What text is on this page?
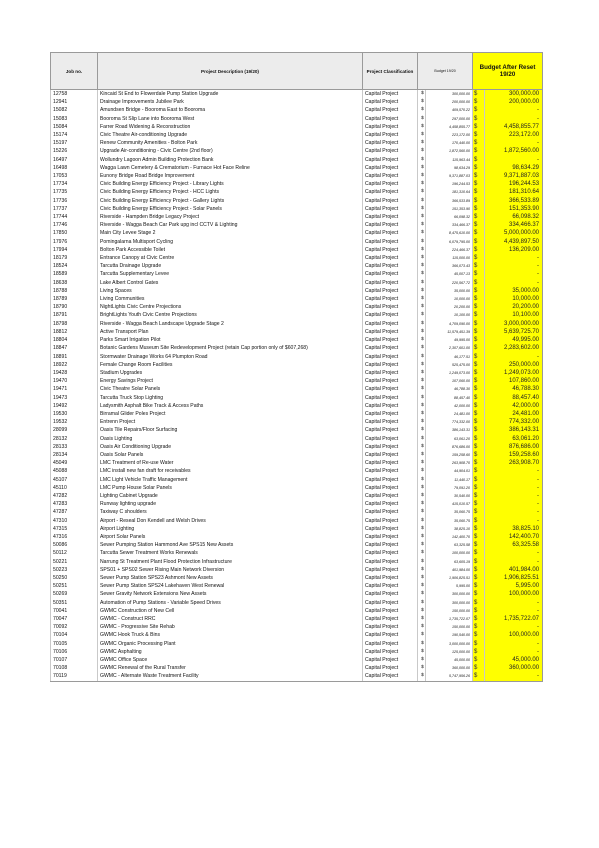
Job no.	Project Description (19/20)	Project Classification	Budget 19/20		Budget After Reset 19/20	
12758	Kincaid St End to Flowerdale Pump Station Upgrade	Capital Project	$	300,000.00	$	300,000.00
12941	Drainage Improvements Jubilee Park	Capital Project	$	200,000.00	$	200,000.00
15082	Amundsen Bridge - Booroma East to Booroma	Capital Project	$	409,570.22	$	-
15083	Booroma St Slip Lane into Booroma West	Capital Project	$	297,000.00	$	-
15084	Farrer Road Widening & Reconstruction	Capital Project	$	4,458,855.77	$	4,458,855.77
15174	Civic Theatre Air-conditioning Upgrade	Capital Project	$	223,172.00	$	223,172.00
15197	Renew Community Amenities - Bolton Park	Capital Project	$	170,440.00	$	-
15226	Upgrade Air-conditioning - Civic Centre (2nd floor)	Capital Project	$	1,872,560.00	$	1,872,560.00
16497	Wollundry Lagoon Admin Building Protection Bank	Capital Project	$	115,963.44	$	-
16498	Wagga Lawn Cemetery & Crematorium - Furnace Hot Face Reline	Capital Project	$	98,634.29	$	98,634.29
17053	Eunony Bridge Road Bridge Improvement	Capital Project	$	9,371,887.03	$	9,371,887.03
17734	Civic Building Energy Efficiency Project - Library Lights	Capital Project	$	196,244.53	$	196,244.53
17735	Civic Building Energy Efficiency Project - HCC Lights	Capital Project	$	181,310.64	$	181,310.64
17736	Civic Building Energy Efficiency Project - Gallery Lights	Capital Project	$	366,533.89	$	366,533.89
17737	Civic Building Energy Efficiency Project - Solar Panels	Capital Project	$	151,353.90	$	151,353.90
17744	Riverside - Hampden Bridge Legacy Project	Capital Project	$	66,098.32	$	66,098.32
17746	Riverside - Wagga Beach Car Park upg incl CCTV & Lighting	Capital Project	$	334,466.37	$	334,466.37
17850	Main City Levee Stage 2	Capital Project	$	8,475,610.00	$	5,000,000.00
17976	Pomingalarna Multisport Cycling	Capital Project	$	6,079,795.00	$	4,439,897.50
17994	Bolton Park Accessible Toilet	Capital Project	$	224,466.37	$	136,209.00
18179	Entrance Canopy at Civic Centre	Capital Project	$	115,000.00	$	-
18524	Tarcutta Drainage Upgrade	Capital Project	$	366,073.43	$	-
18589	Tarcutta Supplementary Levee	Capital Project	$	45,007.13	$	-
18638	Lake Albert Control Gates	Capital Project	$	220,567.72	$	-
18788	Living Spaces	Capital Project	$	35,000.00	$	35,000.00
18789	Living Communities	Capital Project	$	10,000.00	$	10,000.00
18790	NightLights Civic Centre Projections	Capital Project	$	20,200.00	$	20,200.00
18791	BrightLights Youth Civic Centre Projections	Capital Project	$	10,100.00	$	10,100.00
18798	Riverside - Wagga Beach Landscape Upgrade Stage 2	Capital Project	$	4,709,090.00	$	3,000,000.00
18812	Active Transport Plan	Capital Project	$	11,579,451.39	$	5,639,725.70
18804	Parks Smart Irrigation Pilot	Capital Project	$	49,995.00	$	49,995.00
18847	Botanic Gardens Museum Site Redevelopment Project (retain Cap portion only of $607,268)	Capital Project	$	2,307,601.00	$	2,283,602.00
18891	Stormwater Drainage Works 64 Plumpton Road	Capital Project	$	46,177.51	$	-
18922	Female Change Room Facilities	Capital Project	$	525,475.00	$	250,000.00
19428	Stadium Upgrades	Capital Project	$	1,249,073.00	$	1,249,073.00
19470	Energy Savings Project	Capital Project	$	107,060.00	$	107,860.00
19471	Civic Theatre Solar Panels	Capital Project	$	46,788.30	$	46,788.30
19473	Tarcutta Truck Stop Lighting	Capital Project	$	88,457.40	$	88,457.40
19492	Ladysmith Asphalt Bike Track & Access Paths	Capital Project	$	42,000.00	$	42,000.00
19530	Birramal Glider Poles Project	Capital Project	$	24,481.00	$	24,481.00
19532	Entrenn Project	Capital Project	$	774,332.00	$	774,332.00
28099	Oasis Tile Repairs/Floor Surfacing	Capital Project	$	386,143.31	$	386,143.31
28132	Oasis Lighting	Capital Project	$	63,061.20	$	63,061.20
28133	Oasis Air Conditioning Upgrade	Capital Project	$	876,686.00	$	876,686.00
28134	Oasis Solar Panels	Capital Project	$	159,258.60	$	159,258.60
45049	LMC Treatment of Re-use Water	Capital Project	$	263,908.70	$	263,908.70
45088	LMC install new fan draft for receivables	Capital Project	$	44,904.01	$	-
45107	LMC Light Vehicle Traffic Management	Capital Project	$	11,440.17	$	-
45110	LMC Pump House Solar Panels	Capital Project	$	79,091.20	$	-
47282	Lighting Cabinet Upgrade	Capital Project	$	30,540.00	$	-
47283	Runway lighting upgrade	Capital Project	$	415,010.57	$	-
47287	Taxiway C shoulders	Capital Project	$	35,060.75	$	-
47310	Airport - Reseal Don Kendell and Welsh Drives	Capital Project	$	35,060.75	$	-
47315	Airport Lighting	Capital Project	$	38,825.10	$	38,825.10
47316	Airport Solar Panels	Capital Project	$	142,400.70	$	142,400.70
50086	Sewer Pumping Station Hammond Ave SPS15 New Assets	Capital Project	$	63,325.58	$	63,325.58
50112	Tarcutta Sewer Treatment Works Renewals	Capital Project	$	100,000.00	$	-
50221	Narrung St Treatment Plant Flood Protection Infrastructure	Capital Project	$	63,605.19	$	-
50223	SPS01 + SPS02 Sewer Rising Main Network Diversion	Capital Project	$	401,984.00	$	401,984.00
50250	Sewer Pump Station SPS23 Ashmont New Assets	Capital Project	$	1,906,825.51	$	1,906,825.51
50251	Sewer Pump Station SPS24 Lakehaven West Renewal	Capital Project	$	5,995.00	$	5,995.00
50269	Sewer Gravity Network Extensions New Assets	Capital Project	$	300,000.00	$	100,000.00
50351	Automation of Pump Stations - Variable Speed Drives	Capital Project	$	300,000.00	$	-
70041	GWMC Construction of New Cell	Capital Project	$	150,000.00	$	-
70047	GWMC - Construct RRC	Capital Project	$	1,735,722.07	$	1,735,722.07
70092	GWMC - Progressive Site Rehab	Capital Project	$	150,000.00	$	-
70104	GWMC Hook Truck & Bins	Capital Project	$	190,540.00	$	100,000.00
70105	GWMC Organic Processing Plant	Capital Project	$	3,000,000.00	$	-
70106	GWMC Asphalting	Capital Project	$	125,000.00	$	-
70107	GWMC Office Space	Capital Project	$	45,000.00	$	45,000.00
70108	GWMC Renewal of the Rural Transfer	Capital Project	$	360,000.00	$	360,000.00
70119	GWMC - Alternate Waste Treatment Facility	Capital Project	$	5,747,956.26	$	-
